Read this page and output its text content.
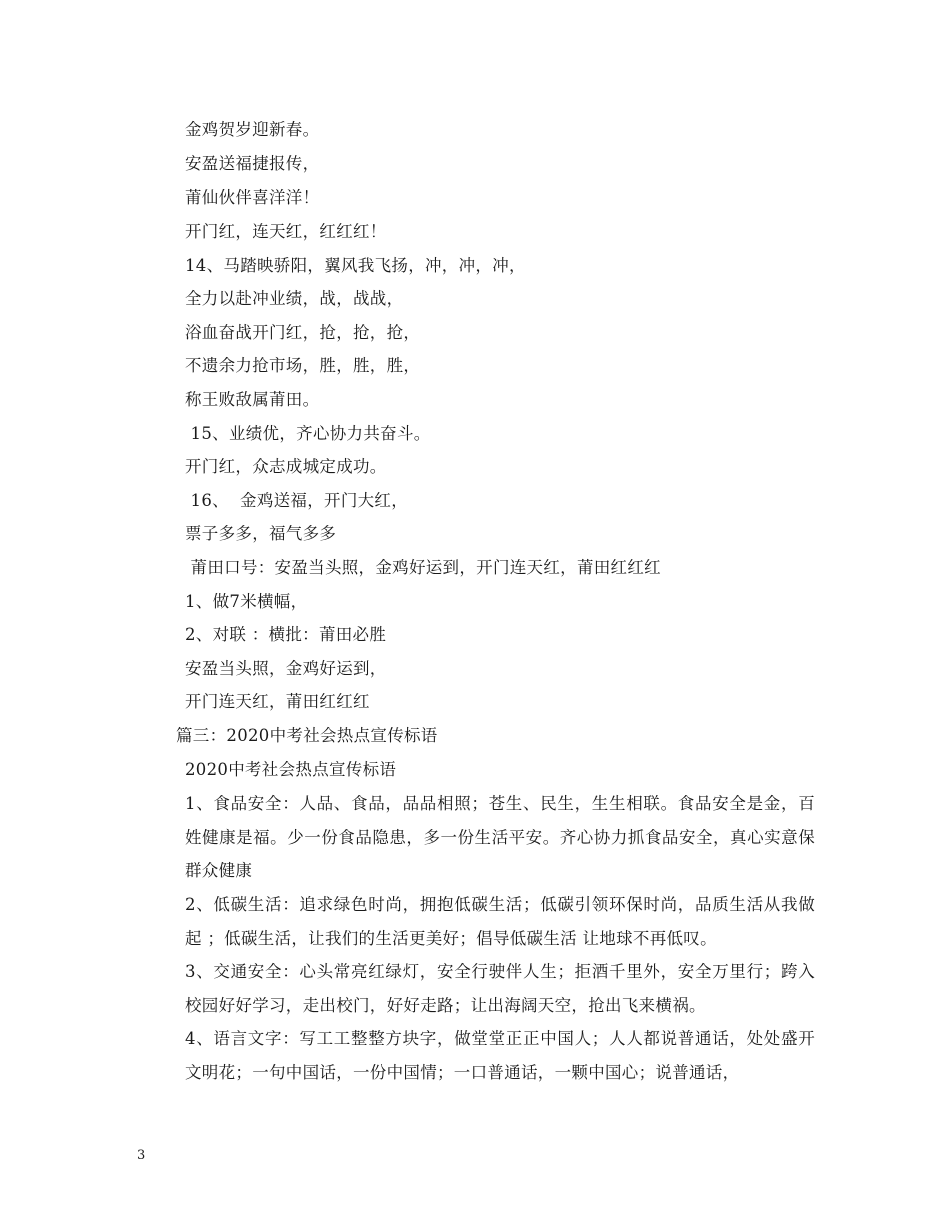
金鸡贺岁迎新春。
安盈送福捷报传，
莆仙伙伴喜洋洋！
开门红，连天红，红红红！
14、马踏映骄阳，翼风我飞扬，冲，冲，冲，
全力以赴冲业绩，战，战战，
浴血奋战开门红，抢，抢，抢，
不遗余力抢市场，胜，胜，胜，
称王败敌属莆田。
15、业绩优，齐心协力共奋斗。
开门红，众志成城定成功。
16、  金鸡送福，开门大红，
票子多多，福气多多
莆田口号：安盈当头照，金鸡好运到，开门连天红，莆田红红红
1、做7米横幅，
2、对联 ：横批：莆田必胜
安盈当头照，金鸡好运到，
开门连天红，莆田红红红
篇三：2020中考社会热点宣传标语
2020中考社会热点宣传标语
1、食品安全：人品、食品，品品相照；苍生、民生，生生相联。食品安全是金，百姓健康是福。少一份食品隐患，多一份生活平安。齐心协力抓食品安全，真心实意保群众健康
2、低碳生活：追求绿色时尚，拥抱低碳生活；低碳引领环保时尚，品质生活从我做起 ；低碳生活，让我们的生活更美好；倡导低碳生活 让地球不再低叹。
3、交通安全：心头常亮红绿灯，安全行驶伴人生；拒酒千里外，安全万里行；跨入校园好好学习，走出校门，好好走路；让出海阔天空，抢出飞来横祸。
4、语言文字：写工工整整方块字，做堂堂正正中国人；人人都说普通话，处处盛开文明花；一句中国话，一份中国情；一口普通话，一颗中国心；说普通话，
3
